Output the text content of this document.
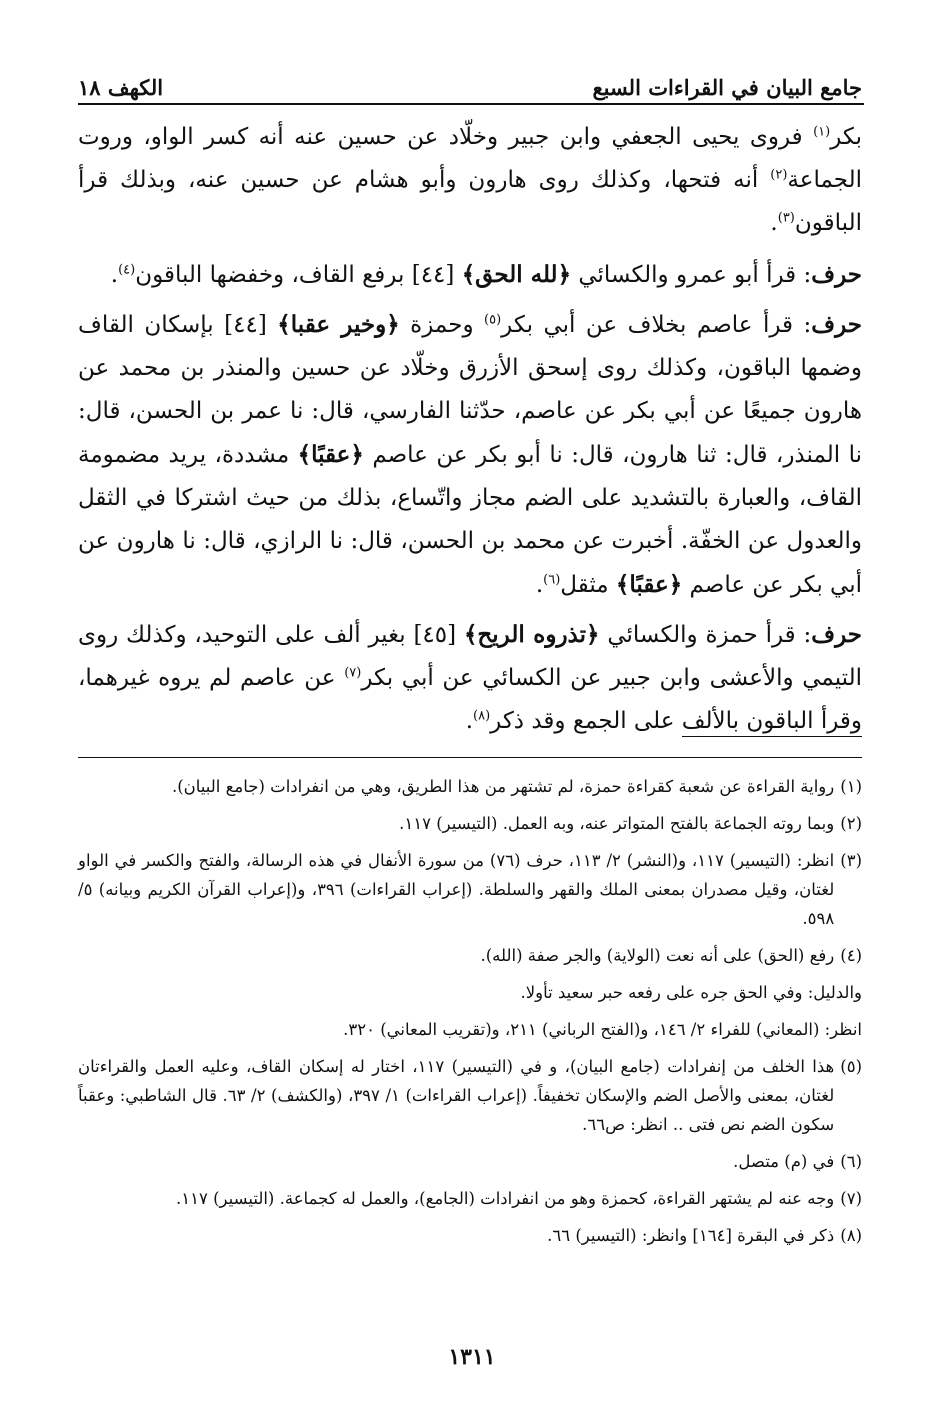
جامع البيان في القراءات السبع
الكهف ١٨

بكر$^{(١)}$ فروى يحيى الجعفي وابن جبير وخلّاد عن حسين عنه أنه كسر الواو، وروت الجماعة$^{(٢)}$ أنه فتحها، وكذلك روى هارون وأبو هشام عن حسين عنه، وبذلك قرأ الباقون$^{(٣)}$.

حرف: قرأ أبو عمرو والكسائي ﴿لله الحق﴾ [٤٤] برفع القاف، وخفضها الباقون$^{(٤)}$.

حرف: قرأ عاصم بخلاف عن أبي بكر$^{(٥)}$ وحمزة ﴿وخير عقبا﴾ [٤٤] بإسكان القاف وضمها الباقون، وكذلك روى إسحق الأزرق وخلّاد عن حسين والمنذر بن محمد عن هارون جميعًا عن أبي بكر عن عاصم، حدّثنا الفارسي، قال: نا عمر بن الحسن، قال: نا المنذر، قال: ثنا هارون، قال: نا أبو بكر عن عاصم ﴿عقبًا﴾ مشددة، يريد مضمومة القاف، والعبارة بالتشديد على الضم مجاز واتّساع، بذلك من حيث اشتركا في الثقل والعدول عن الخفّة. أخبرت عن محمد بن الحسن، قال: نا الرازي، قال: نا هارون عن أبي بكر عن عاصم ﴿عقبًا﴾ مثقل$^{(٦)}$.

حرف: قرأ حمزة والكسائي ﴿تذروه الريح﴾ [٤٥] بغير ألف على التوحيد، وكذلك روى التيمي والأعشى وابن جبير عن الكسائي عن أبي بكر$^{(٧)}$ عن عاصم لم يروه غيرهما، وقرأ الباقون بالألف على الجمع وقد ذكر$^{(٨)}$.

(١)
رواية القراءة عن شعبة كقراءة حمزة، لم تشتهر من هذا الطريق، وهي من انفرادات (جامع البيان).
(٢)
وبما روته الجماعة بالفتح المتواتر عنه، وبه العمل. (التيسير) ١١٧.
(٣)
انظر: (التيسير) ١١٧، و(النشر) ٢/ ١١٣، حرف (٧٦) من سورة الأنفال في هذه الرسالة، والفتح والكسر في الواو لغتان، وقيل مصدران بمعنى الملك والقهر والسلطة. (إعراب القراءات) ٣٩٦، و(إعراب القرآن الكريم وبيانه) ٥/ ٥٩٨.
(٤)
رفع (الحق) على أنه نعت (الولاية) والجر صفة (الله).
والدليل: وفي الحق جره على رفعه حبر سعيد تأولا.
انظر: (المعاني) للفراء ٢/ ١٤٦، و(الفتح الرباني) ٢١١، و(تقريب المعاني) ٣٢٠.
(٥)
هذا الخلف من إنفرادات (جامع البيان)، و في (التيسير) ١١٧، اختار له إسكان القاف، وعليه العمل والقراءتان لغتان، بمعنى والأصل الضم والإسكان تخفيفاً. (إعراب القراءات) ١/ ٣٩٧، (والكشف) ٢/ ٦٣. قال الشاطبي: وعقباً سكون الضم نص فتى .. انظر: ص٦٦.
(٦)
في (م) متصل.
(٧)
وجه عنه لم يشتهر القراءة، كحمزة وهو من انفرادات (الجامع)، والعمل له كجماعة. (التيسير) ١١٧.
(٨)
ذكر في البقرة [١٦٤] وانظر: (التيسير) ٦٦.
١٣١١
